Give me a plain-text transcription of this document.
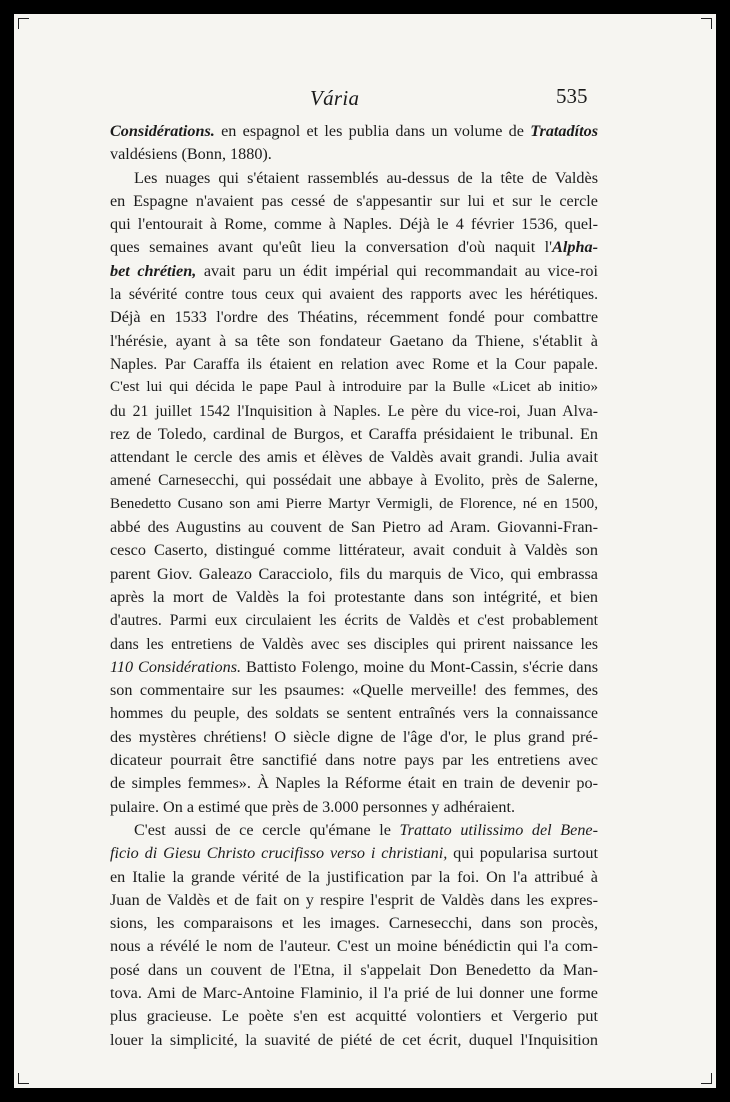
Vária	535
Considérations. en espagnol et les publia dans un volume de Tratadítos
valdésiens (Bonn, 1880).
Les nuages qui s'étaient rassemblés au-dessus de la tête de Valdès
en Espagne n'avaient pas cessé de s'appesantir sur lui et sur le cercle
qui l'entourait à Rome, comme à Naples. Déjà le 4 février 1536, quel-
ques semaines avant qu'eût lieu la conversation d'où naquit l'Alpha-
bet chrétien, avait paru un édit impérial qui recommandait au vice-roi
la sévérité contre tous ceux qui avaient des rapports avec les hérétiques.
Déjà en 1533 l'ordre des Théatins, récemment fondé pour combattre
l'hérésie, ayant à sa tête son fondateur Gaetano da Thiene, s'établit à
Naples. Par Caraffa ils étaient en relation avec Rome et la Cour papale.
C'est lui qui décida le pape Paul à introduire par la Bulle «Licet ab initio»
du 21 juillet 1542 l'Inquisition à Naples. Le père du vice-roi, Juan Alva-
rez de Toledo, cardinal de Burgos, et Caraffa présidaient le tribunal. En
attendant le cercle des amis et élèves de Valdès avait grandi. Julia avait
amené Carnesecchi, qui possédait une abbaye à Evolito, près de Salerne,
Benedetto Cusano son ami Pierre Martyr Vermigli, de Florence, né en 1500,
abbé des Augustins au couvent de San Pietro ad Aram. Giovanni-Fran-
cesco Caserto, distingué comme littérateur, avait conduit à Valdès son
parent Giov. Galeazo Caracciolo, fils du marquis de Vico, qui embrassa
après la mort de Valdès la foi protestante dans son intégrité, et bien
d'autres. Parmi eux circulaient les écrits de Valdès et c'est probablement
dans les entretiens de Valdès avec ses disciples qui prirent naissance les
110 Considérations. Battisto Folengo, moine du Mont-Cassin, s'écrie dans
son commentaire sur les psaumes: «Quelle merveille! des femmes, des
hommes du peuple, des soldats se sentent entraînés vers la connaissance
des mystères chrétiens! O siècle digne de l'âge d'or, le plus grand pré-
dicateur pourrait être sanctifié dans notre pays par les entretiens avec
de simples femmes». À Naples la Réforme était en train de devenir po-
pulaire. On a estimé que près de 3.000 personnes y adhéraient.
C'est aussi de ce cercle qu'émane le Trattato utilissimo del Bene-
ficio di Giesu Christo crucifisso verso i christiani, qui popularisa surtout
en Italie la grande vérité de la justification par la foi. On l'a attribué à
Juan de Valdès et de fait on y respire l'esprit de Valdès dans les expres-
sions, les comparaisons et les images. Carnesecchi, dans son procès,
nous a révélé le nom de l'auteur. C'est un moine bénédictin qui l'a com-
posé dans un couvent de l'Etna, il s'appelait Don Benedetto da Man-
tova. Ami de Marc-Antoine Flaminio, il l'a prié de lui donner une forme
plus gracieuse. Le poète s'en est acquitté volontiers et Vergerio put
louer la simplicité, la suavité de piété de cet écrit, duquel l'Inquisition
